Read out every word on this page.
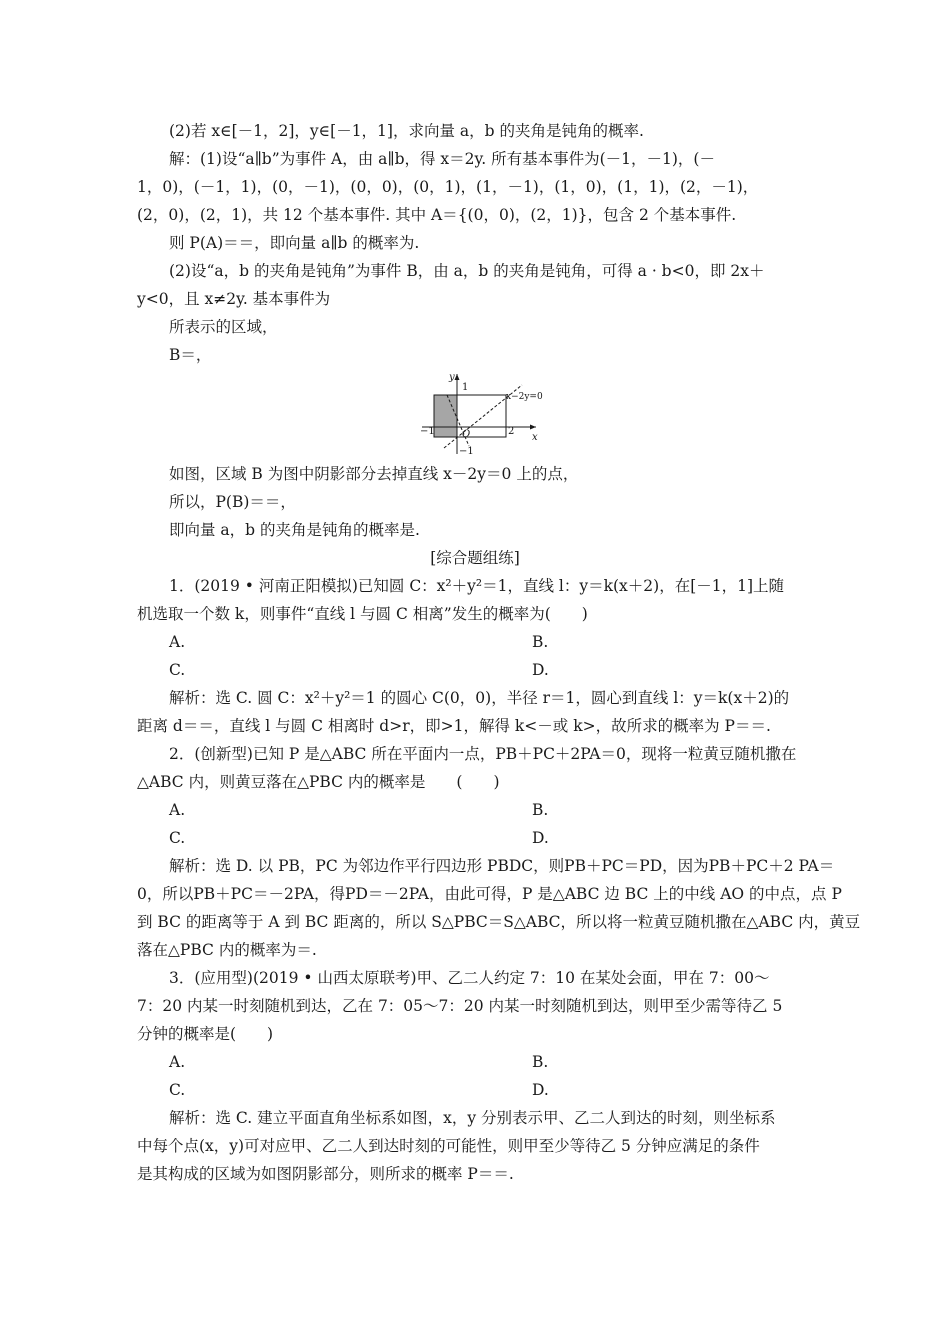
(2)若 x∈[－1，2]，y∈[－1，1]，求向量 a，b 的夹角是钝角的概率.
解：(1)设“a∥b”为事件 A，由 a∥b，得 x＝2y. 所有基本事件为(－1，－1)，(－
1，0)，(－1，1)，(0，－1)，(0，0)，(0，1)，(1，－1)，(1，0)，(1，1)，(2，－1)，
(2，0)，(2，1)，共 12 个基本事件. 其中 A＝{(0，0)，(2，1)}，包含 2 个基本事件.
则 P(A)＝＝，即向量 a∥b 的概率为.
(2)设“a，b 的夹角是钝角”为事件 B，由 a，b 的夹角是钝角，可得 a · b<0，即 2x＋
y<0，且 x≠2y. 基本事件为
所表示的区域，
B＝，
y
x
O
−1	2
1
−1
x−2y=0
如图，区域 B 为图中阴影部分去掉直线 x－2y＝0 上的点，
所以，P(B)＝＝，
即向量 a，b 的夹角是钝角的概率是.
[综合题组练]
1．(2019 • 河南正阳模拟)已知圆 C：x²＋y²＝1，直线 l：y＝k(x＋2)，在[－1，1]上随
机选取一个数 k，则事件“直线 l 与圆 C 相离”发生的概率为(　　)
A.	B.
C.	D.
解析：选 C. 圆 C：x²＋y²＝1 的圆心 C(0，0)，半径 r＝1，圆心到直线 l：y＝k(x＋2)的
距离 d＝＝，直线 l 与圆 C 相离时 d>r，即>1，解得 k<－或 k>，故所求的概率为 P＝＝.
2．(创新型)已知 P 是△ABC 所在平面内一点，PB＋PC＋2PA＝0，现将一粒黄豆随机撒在
△ABC 内，则黄豆落在△PBC 内的概率是　　(　　)
A.	B.
C.	D.
解析：选 D. 以 PB，PC 为邻边作平行四边形 PBDC，则PB＋PC＝PD，因为PB＋PC＋2 PA＝
0，所以PB＋PC＝－2PA，得PD＝－2PA，由此可得，P 是△ABC 边 BC 上的中线 AO 的中点，点 P
到 BC 的距离等于 A 到 BC 距离的，所以 S△PBC＝S△ABC，所以将一粒黄豆随机撒在△ABC 内，黄豆
落在△PBC 内的概率为＝.
3．(应用型)(2019 • 山西太原联考)甲、乙二人约定 7：10 在某处会面，甲在 7：00～
7：20 内某一时刻随机到达，乙在 7：05～7：20 内某一时刻随机到达，则甲至少需等待乙 5
分钟的概率是(　　)
A.	B.
C.	D.
解析：选 C. 建立平面直角坐标系如图，x，y 分别表示甲、乙二人到达的时刻，则坐标系
中每个点(x，y)可对应甲、乙二人到达时刻的可能性，则甲至少等待乙 5 分钟应满足的条件
是其构成的区域为如图阴影部分，则所求的概率 P＝＝.
